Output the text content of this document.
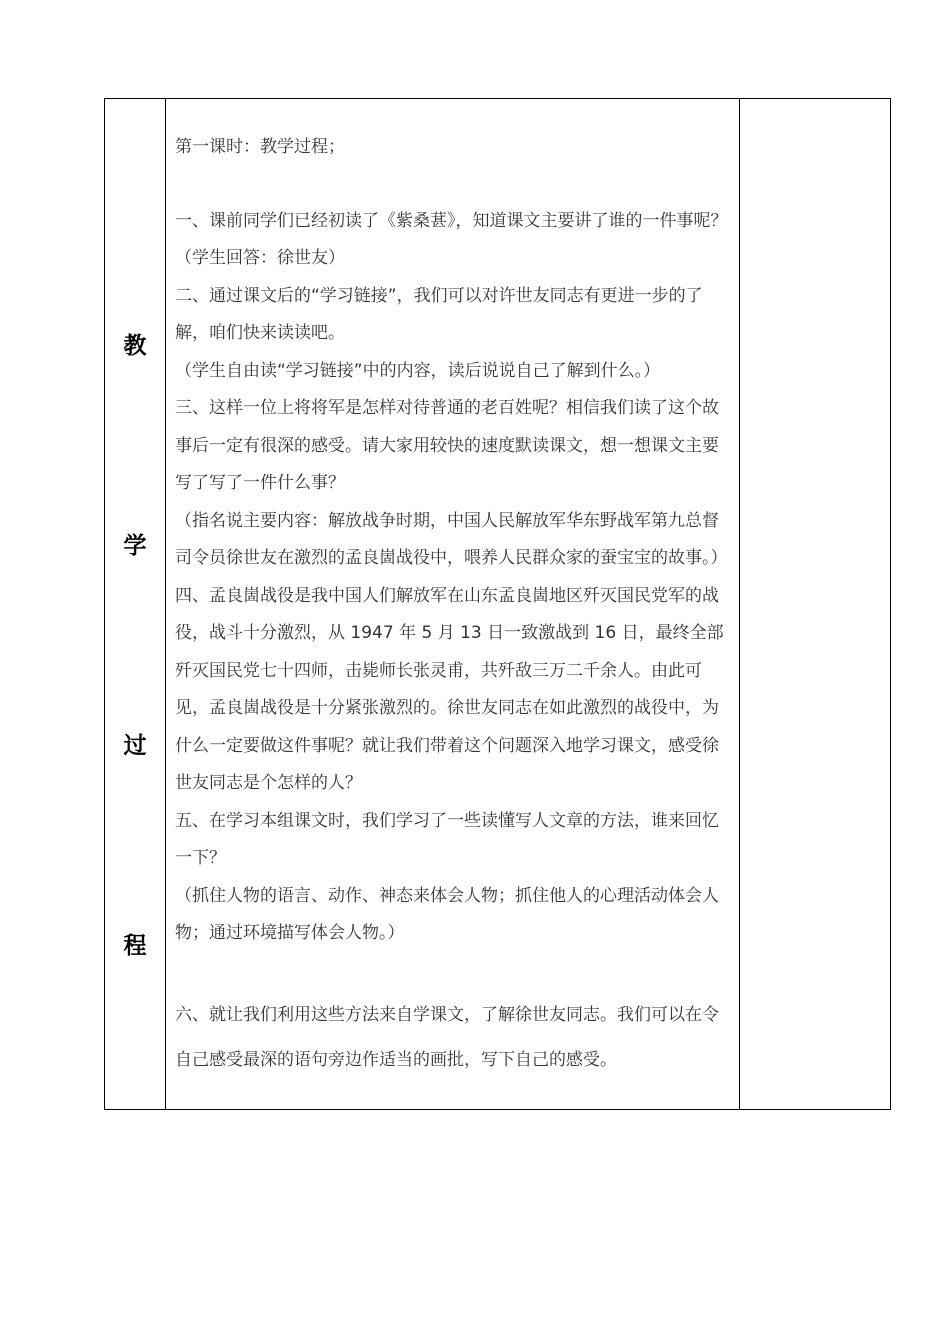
教
学
过
程

第一课时：教学过程；

一、课前同学们已经初读了《紫桑葚》，知道课文主要讲了谁的一件事呢？

（学生回答：徐世友）

二、通过课文后的“学习链接”，我们可以对许世友同志有更进一步的了解，咱们快来读读吧。

（学生自由读“学习链接”中的内容，读后说说自己了解到什么。）

三、这样一位上将将军是怎样对待普通的老百姓呢？相信我们读了这个故事后一定有很深的感受。请大家用较快的速度默读课文，想一想课文主要写了写了一件什么事？

（指名说主要内容：解放战争时期，中国人民解放军华东野战军第九总督司令员徐世友在激烈的孟良崮战役中，喂养人民群众家的蚕宝宝的故事。）

四、孟良崮战役是我中国人们解放军在山东孟良崮地区歼灭国民党军的战役，战斗十分激烈，从 1947 年 5 月 13 日一致激战到 16 日，最终全部歼灭国民党七十四师，击毙师长张灵甫，共歼敌三万二千余人。由此可见，孟良崮战役是十分紧张激烈的。徐世友同志在如此激烈的战役中，为什么一定要做这件事呢？就让我们带着这个问题深入地学习课文，感受徐世友同志是个怎样的人？

五、在学习本组课文时，我们学习了一些读懂写人文章的方法，谁来回忆一下？

（抓住人物的语言、动作、神态来体会人物；抓住他人的心理活动体会人物；通过环境描写体会人物。）

六、就让我们利用这些方法来自学课文，了解徐世友同志。我们可以在令自己感受最深的语句旁边作适当的画批，写下自己的感受。
